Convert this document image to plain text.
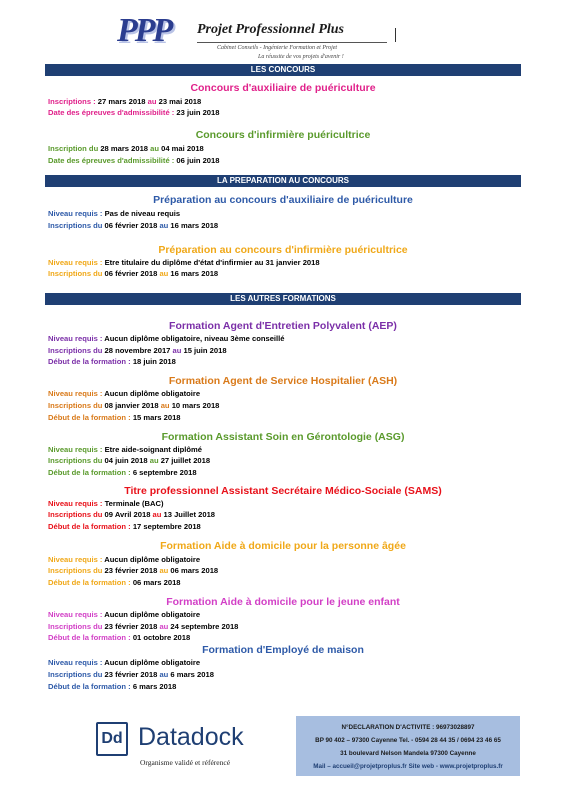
PPP Projet Professionnel Plus
Cabinet Conseils - Ingénierie Formation et Projet
La réussite de vos projets d'avenir !
LES CONCOURS
Concours d'auxiliaire de puériculture
Inscriptions : 27 mars 2018 au 23 mai 2018
Date des épreuves d'admissibilité : 23 juin 2018
Concours d'infirmière puéricultrice
Inscription du 28 mars 2018 au 04 mai 2018
Date des épreuves d'admissibilité : 06 juin 2018
LA PREPARATION AU CONCOURS
Préparation au concours d'auxiliaire de puériculture
Niveau requis : Pas de niveau requis
Inscriptions du 06 février 2018 au 16 mars 2018
Préparation au concours d'infirmière puéricultrice
Niveau requis : Etre titulaire du diplôme d'état d'infirmier au 31 janvier 2018
Inscriptions du 06 février 2018 au 16 mars 2018
LES AUTRES FORMATIONS
Formation Agent d'Entretien Polyvalent (AEP)
Niveau requis : Aucun diplôme obligatoire, niveau 3ème conseillé
Inscriptions du 28 novembre 2017 au 15 juin 2018
Début de la formation : 18 juin 2018
Formation Agent de Service Hospitalier (ASH)
Niveau requis : Aucun diplôme obligatoire
Inscriptions du 08 janvier 2018 au 10 mars 2018
Début de la formation : 15 mars 2018
Formation Assistant Soin en Gérontologie (ASG)
Niveau requis : Etre aide-soignant diplômé
Inscriptions du 04 juin 2018 au 27 juillet 2018
Début de la formation : 6 septembre 2018
Titre professionnel Assistant Secrétaire Médico-Sociale (SAMS)
Niveau requis : Terminale (BAC)
Inscriptions du 09 Avril 2018 au 13 Juillet 2018
Début de la formation : 17 septembre 2018
Formation Aide à domicile pour la personne âgée
Niveau requis : Aucun diplôme obligatoire
Inscriptions du 23 février 2018 au 06 mars 2018
Début de la formation : 06 mars 2018
Formation Aide à domicile pour le jeune enfant
Niveau requis : Aucun diplôme obligatoire
Inscriptions du 23 février 2018 au 24 septembre 2018
Début de la formation : 01 octobre 2018
Formation d'Employé de maison
Niveau requis : Aucun diplôme obligatoire
Inscriptions du 23 février 2018 au 6 mars 2018
Début de la formation : 6 mars 2018
Dd Datadock
Organisme validé et référencé
N°DECLARATION D'ACTIVITE : 96973028897
BP 90 402 – 97300 Cayenne Tel. - 0594 28 44 35 / 0694 23 46 65
31 boulevard Nelson Mandela 97300 Cayenne
Mail – accueil@projetproplus.fr Site web - www.projetproplus.fr
